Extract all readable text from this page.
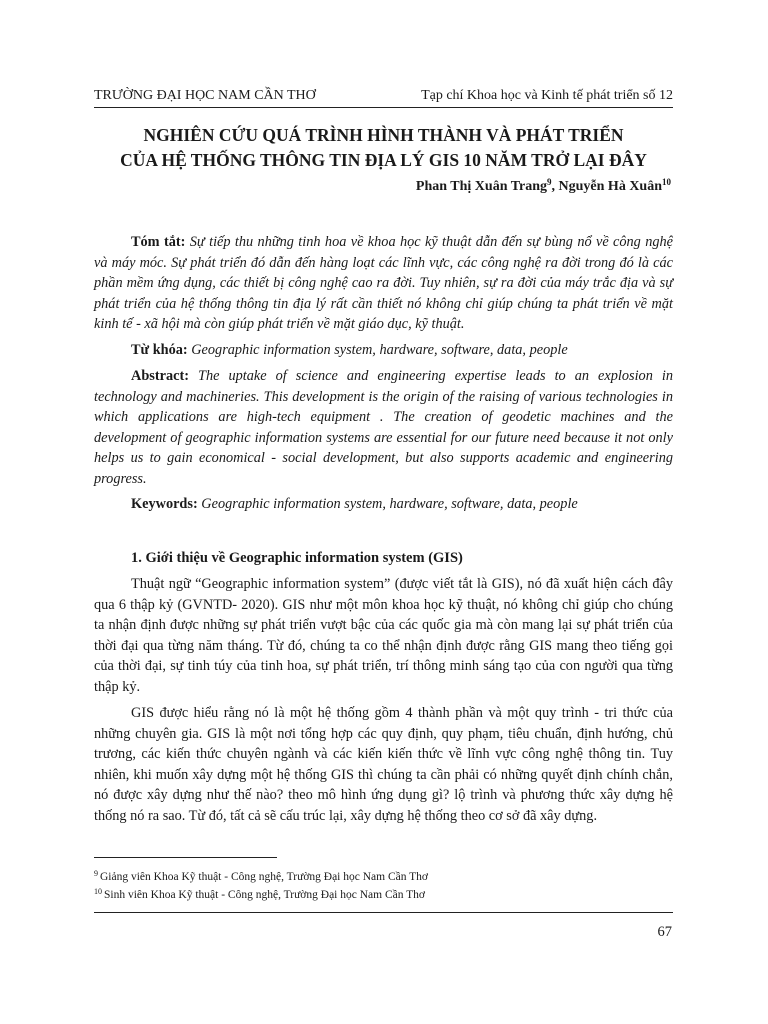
TRƯỜNG ĐẠI HỌC NAM CẦN THƠ	Tạp chí Khoa học và Kinh tế phát triển số 12
NGHIÊN CỨU QUÁ TRÌNH HÌNH THÀNH VÀ PHÁT TRIỂN
CỦA HỆ THỐNG THÔNG TIN ĐỊA LÝ GIS 10 NĂM TRỞ LẠI ĐÂY
Phan Thị Xuân Trang$^9$, Nguyễn Hà Xuân$^{10}$
Tóm tắt: Sự tiếp thu những tinh hoa về khoa học kỹ thuật dẫn đến sự bùng nổ về công nghệ và máy móc. Sự phát triển đó dẫn đến hàng loạt các lĩnh vực, các công nghệ ra đời trong đó là các phần mềm ứng dụng, các thiết bị công nghệ cao ra đời. Tuy nhiên, sự ra đời của máy trắc địa và sự phát triển của hệ thống thông tin địa lý rất cần thiết nó không chỉ giúp chúng ta phát triển về mặt kinh tế - xã hội mà còn giúp phát triển về mặt giáo dục, kỹ thuật.
Từ khóa: Geographic information system, hardware, software, data, people
Abstract: The uptake of science and engineering expertise leads to an explosion in technology and machineries. This development is the origin of the raising of various technologies in which applications are high-tech equipment . The creation of geodetic machines and the development of geographic information systems are essential for our future need because it not only helps us to gain economical - social development, but also supports academic and engineering progress.
Keywords: Geographic information system, hardware, software, data, people
1. Giới thiệu về Geographic information system (GIS)
Thuật ngữ “Geographic information system” (được viết tắt là GIS), nó đã xuất hiện cách đây qua 6 thập kỷ (GVNTD- 2020). GIS như một môn khoa học kỹ thuật, nó không chỉ giúp cho chúng ta nhận định được những sự phát triển vượt bậc của các quốc gia mà còn mang lại sự phát triển của thời đại qua từng năm tháng. Từ đó, chúng ta co thể nhận định được rằng GIS mang theo tiếng gọi của thời đại, sự tinh túy của tinh hoa, sự phát triển, trí thông minh sáng tạo của con người qua từng thập kỷ.
GIS được hiểu rằng nó là một hệ thống gồm 4 thành phần và một quy trình - tri thức của những chuyên gia. GIS là một nơi tổng hợp các quy định, quy phạm, tiêu chuẩn, định hướng, chủ trương, các kiến thức chuyên ngành và các kiến kiến thức về lĩnh vực công nghệ thông tin. Tuy nhiên, khi muốn xây dựng một hệ thống GIS thì chúng ta cần phải có những quyết định chính chắn, nó được xây dựng như thế nào? theo mô hình ứng dụng gì? lộ trình và phương thức xây dựng hệ thống nó ra sao. Từ đó, tất cả sẽ cấu trúc lại, xây dựng hệ thống theo cơ sở đã xây dựng.
$^9$ Giảng viên Khoa Kỹ thuật - Công nghệ, Trường Đại học Nam Cần Thơ
$^{10}$ Sinh viên Khoa Kỹ thuật - Công nghệ, Trường Đại học Nam Cần Thơ
67
